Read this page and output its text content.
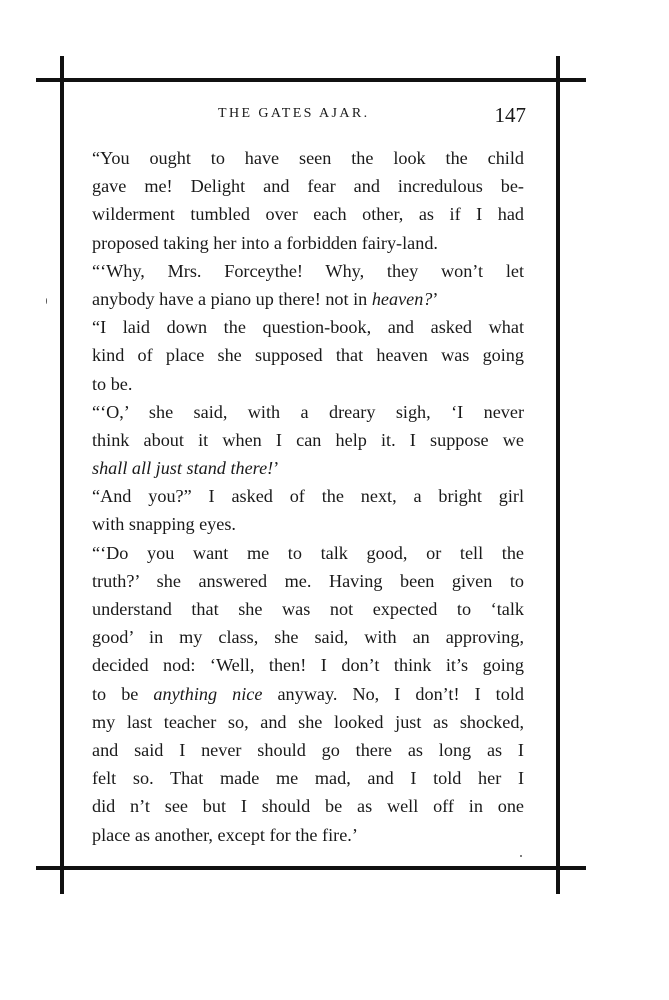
THE GATES AJAR.	147
“You ought to have seen the look the child
gave me! Delight and fear and incredulous be-
wilderment tumbled over each other, as if I had
proposed taking her into a forbidden fairy-land.
“‘Why, Mrs. Forceythe! Why, they won’t let
anybody have a piano up there! not in heaven?’
“I laid down the question-book, and asked what
kind of place she supposed that heaven was going
to be.
“‘O,’ she said, with a dreary sigh, ‘I never
think about it when I can help it. I suppose we
shall all just stand there!’
“And you?” I asked of the next, a bright girl
with snapping eyes.
“‘Do you want me to talk good, or tell the
truth?’ she answered me. Having been given to
understand that she was not expected to ‘talk
good’ in my class, she said, with an approving,
decided nod: ‘Well, then! I don’t think it’s going
to be anything nice anyway. No, I don’t! I told
my last teacher so, and she looked just as shocked,
and said I never should go there as long as I
felt so. That made me mad, and I told her I
did n’t see but I should be as well off in one
place as another, except for the fire.’
